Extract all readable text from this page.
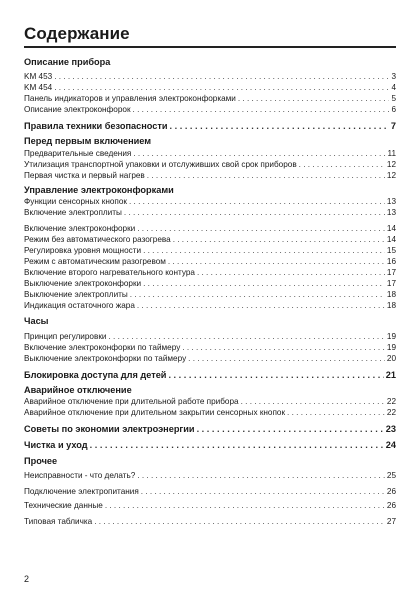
Содержание
Описание прибора
KM 453 . . .	3
KM 454 . . .	4
Панель индикаторов и управления электроконфорками . . .	5
Описание электроконфорок . . .	6
Правила техники безопасности . . .	7
Перед первым включением
Предварительные сведения . . .	11
Утилизация транспортной упаковки и отслуживших свой срок приборов . . .	12
Первая чистка и первый нагрев . . .	12
Управление электроконфорками
Функции сенсорных кнопок . . .	13
Включение электроплиты . . .	13
Включение электроконфорки . . .	14
Режим без автоматического разогрева . . .	14
Регулировка уровня мощности . . .	15
Режим с автоматическим разогревом . . .	16
Включение второго нагревательного контура . . .	17
Выключение электроконфорки . . .	17
Выключение электроплиты . . .	18
Индикация остаточного жара . . .	18
Часы
Принцип регулировки . . .	19
Включение электроконфорки по таймеру . . .	19
Выключение электроконфорки по таймеру . . .	20
Блокировка доступа для детей . . .	21
Аварийное отключение
Аварийное отключение при длительной работе прибора . . .	22
Аварийное отключение при длительном закрытии сенсорных кнопок . . .	22
Советы по экономии электроэнергии . . .	23
Чистка и уход . . .	24
Прочее
Неисправности - что делать? . . .	25
Подключение электропитания . . .	26
Технические данные . . .	26
Типовая табличка . . .	27
2
